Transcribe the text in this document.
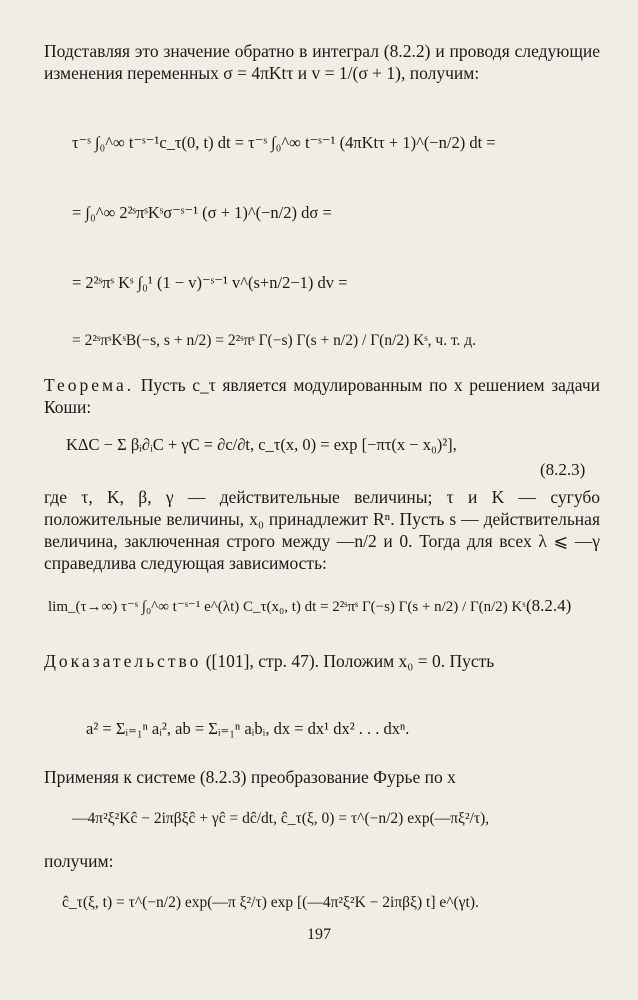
Подставляя это значение обратно в интеграл (8.2.2) и проводя следующие изменения переменных σ = 4πKtτ и v = 1/(σ + 1), получим:
τ⁻ˢ ∫₀^∞ t⁻ˢ⁻¹c_τ(0, t) dt = τ⁻ˢ ∫₀^∞ t⁻ˢ⁻¹ (4πKtτ + 1)^(−n/2) dt =
= ∫₀^∞ 2²ˢπˢKˢσ⁻ˢ⁻¹ (σ + 1)^(−n/2) dσ =
= 2²ˢπˢ Kˢ ∫₀¹ (1 − v)⁻ˢ⁻¹ v^(s+n/2−1) dv =
= 2²ˢπˢKˢB(−s, s + n/2) = 2²ˢπˢ Γ(−s) Γ(s + n/2) / Γ(n/2) Kˢ, ч. т. д.
Теорема. Пусть c_τ является модулированным по x решением задачи Коши:
KΔC − Σ βᵢ∂ᵢC + γC = ∂c/∂t, c_τ(x, 0) = exp [−πτ(x − x₀)²],
(8.2.3)
где τ, K, β, γ — действительные величины; τ и K — сугубо положительные величины, x₀ принадлежит Rⁿ. Пусть s — действительная величина, заключенная строго между —n/2 и 0. Тогда для всех λ ⩽ —γ справедлива следующая зависимость:
lim_(τ→∞) τ⁻ˢ ∫₀^∞ t⁻ˢ⁻¹ e^(λt) C_τ(x₀, t) dt = 2²ˢπˢ Γ(−s) Γ(s + n/2) / Γ(n/2) Kˢ.
(8.2.4)
Доказательство ([101], стр. 47). Положим x₀ = 0. Пусть
a² = Σᵢ₌₁ⁿ aᵢ², ab = Σᵢ₌₁ⁿ aᵢbᵢ, dx = dx¹ dx² . . . dxⁿ.
Применяя к системе (8.2.3) преобразование Фурье по x
—4π²ξ²Kĉ − 2iπβξĉ + γĉ = dĉ/dt, ĉ_τ(ξ, 0) = τ^(−n/2) exp(—πξ²/τ),
получим:
ĉ_τ(ξ, t) = τ^(−n/2) exp(—π ξ²/τ) exp [(—4π²ξ²K − 2iπβξ) t] e^(γt).
197
